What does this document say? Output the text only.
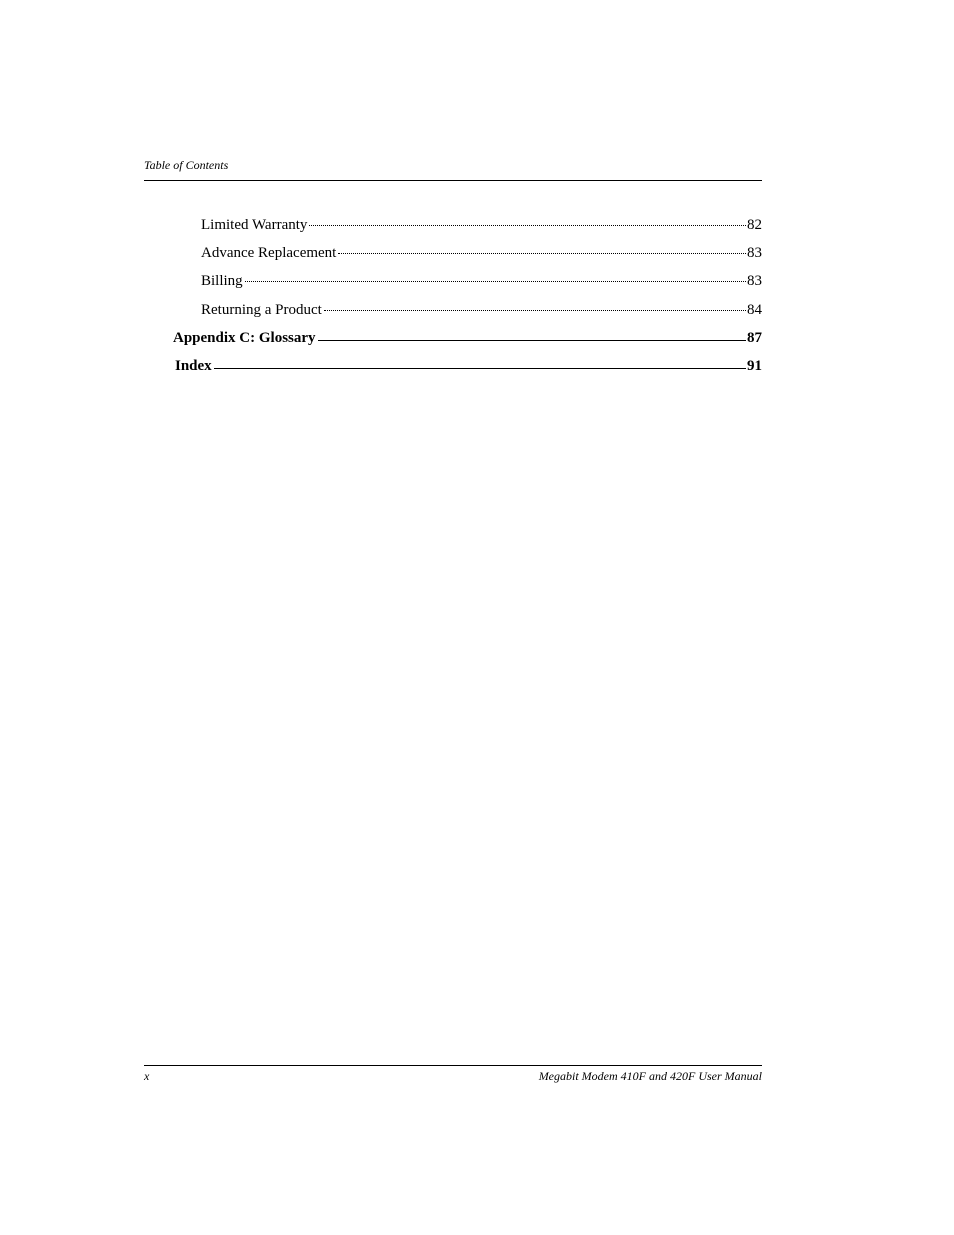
Table of Contents
Limited Warranty	82
Advance Replacement	83
Billing	83
Returning a Product	84
Appendix C: Glossary	87
Index	91
x	Megabit Modem 410F and 420F User Manual
